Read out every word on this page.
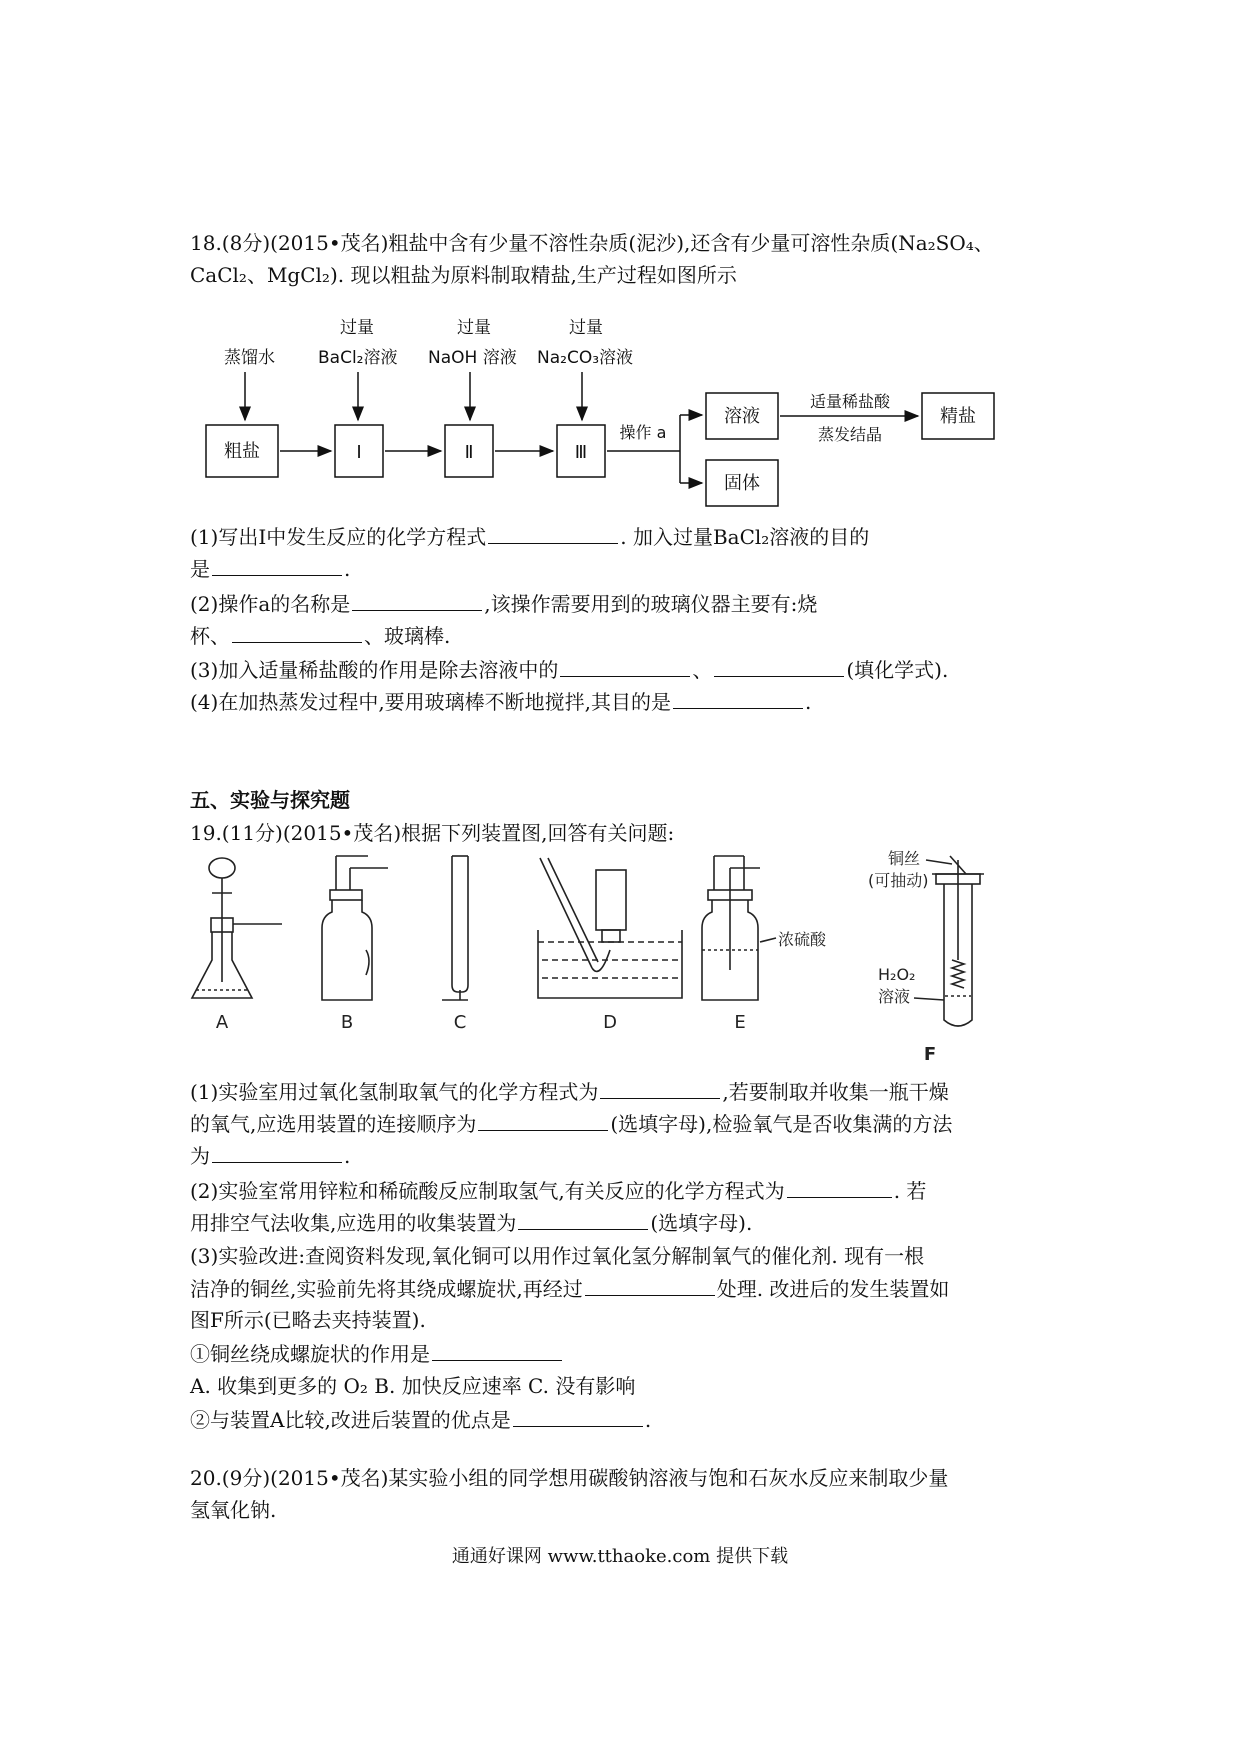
18.(8分)(2015•茂名)粗盐中含有少量不溶性杂质(泥沙),还含有少量可溶性杂质(Na₂SO₄、
CaCl₂、MgCl₂). 现以粗盐为原料制取精盐,生产过程如图所示
蒸馏水
过量
BaCl₂溶液
过量
NaOH 溶液
过量
Na₂CO₃溶液
粗盐	Ⅰ	Ⅱ	Ⅲ
操作 a
溶液
固体
适量稀盐酸
蒸发结晶
精盐
(1)写出Ⅰ中发生反应的化学方程式	. 加入过量BaCl₂溶液的目的
是	.
(2)操作a的名称是	,该操作需要用到的玻璃仪器主要有:烧
杯、	、玻璃棒.
(3)加入适量稀盐酸的作用是除去溶液中的	、	(填化学式).
(4)在加热蒸发过程中,要用玻璃棒不断地搅拌,其目的是	.
五、实验与探究题
19.(11分)(2015•茂名)根据下列装置图,回答有关问题:
A	B	C	D	E
F
浓硫酸
铜丝
(可抽动)
H₂O₂
溶液
(1)实验室用过氧化氢制取氧气的化学方程式为	,若要制取并收集一瓶干燥
的氧气,应选用装置的连接顺序为	(选填字母),检验氧气是否收集满的方法
为	.
(2)实验室常用锌粒和稀硫酸反应制取氢气,有关反应的化学方程式为	. 若
用排空气法收集,应选用的收集装置为	(选填字母).
(3)实验改进:查阅资料发现,氧化铜可以用作过氧化氢分解制氧气的催化剂. 现有一根
洁净的铜丝,实验前先将其绕成螺旋状,再经过	处理. 改进后的发生装置如
图F所示(已略去夹持装置).
①铜丝绕成螺旋状的作用是
A. 收集到更多的 O₂ B. 加快反应速率 C. 没有影响
②与装置A比较,改进后装置的优点是	.
20.(9分)(2015•茂名)某实验小组的同学想用碳酸钠溶液与饱和石灰水反应来制取少量
氢氧化钠.
通通好课网 www.tthaoke.com 提供下载
